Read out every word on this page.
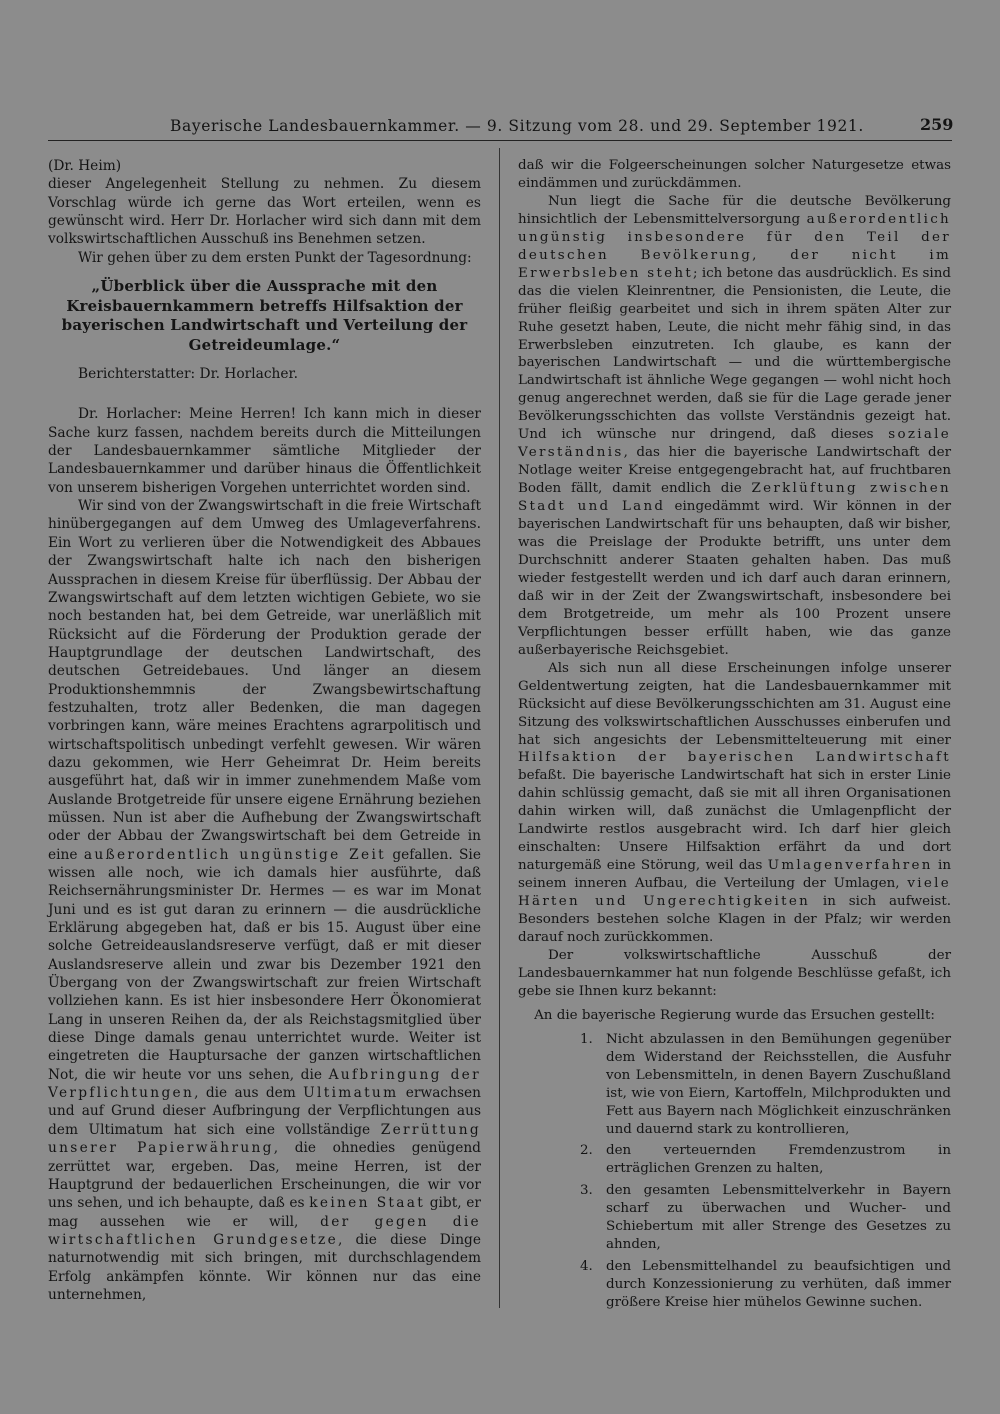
Bayerische Landesbauernkammer. — 9. Sitzung vom 28. und 29. September 1921.	259

(Dr. Heim)

dieser Angelegenheit Stellung zu nehmen. Zu diesem Vorschlag würde ich gerne das Wort erteilen, wenn es gewünscht wird. Herr Dr. Horlacher wird sich dann mit dem volkswirtschaftlichen Ausschuß ins Benehmen setzen.

Wir gehen über zu dem ersten Punkt der Tagesordnung:

„Überblick über die Aussprache mit den Kreisbauernkammern betreffs Hilfsaktion der bayerischen Landwirtschaft und Verteilung der Getreideumlage.“

Berichterstatter: Dr. Horlacher.

Dr. Horlacher: Meine Herren! Ich kann mich in dieser Sache kurz fassen, nachdem bereits durch die Mitteilungen der Landesbauernkammer sämtliche Mitglieder der Landesbauernkammer und darüber hinaus die Öffentlichkeit von unserem bisherigen Vorgehen unterrichtet worden sind.

Wir sind von der Zwangswirtschaft in die freie Wirtschaft hinübergegangen auf dem Umweg des Umlageverfahrens. Ein Wort zu verlieren über die Notwendigkeit des Abbaues der Zwangswirtschaft halte ich nach den bisherigen Aussprachen in diesem Kreise für überflüssig. Der Abbau der Zwangswirtschaft auf dem letzten wichtigen Gebiete, wo sie noch bestanden hat, bei dem Getreide, war unerläßlich mit Rücksicht auf die Förderung der Produktion gerade der Hauptgrundlage der deutschen Landwirtschaft, des deutschen Getreidebaues. Und länger an diesem Produktionshemmnis der Zwangsbewirtschaftung festzuhalten, trotz aller Bedenken, die man dagegen vorbringen kann, wäre meines Erachtens agrarpolitisch und wirtschaftspolitisch unbedingt verfehlt gewesen. Wir wären dazu gekommen, wie Herr Geheimrat Dr. Heim bereits ausgeführt hat, daß wir in immer zunehmendem Maße vom Auslande Brotgetreide für unsere eigene Ernährung beziehen müssen. Nun ist aber die Aufhebung der Zwangswirtschaft oder der Abbau der Zwangswirtschaft bei dem Getreide in eine außerordentlich ungünstige Zeit gefallen. Sie wissen alle noch, wie ich damals hier ausführte, daß Reichsernährungsminister Dr. Hermes — es war im Monat Juni und es ist gut daran zu erinnern — die ausdrückliche Erklärung abgegeben hat, daß er bis 15. August über eine solche Getreideauslandsreserve verfügt, daß er mit dieser Auslandsreserve allein und zwar bis Dezember 1921 den Übergang von der Zwangswirtschaft zur freien Wirtschaft vollziehen kann. Es ist hier insbesondere Herr Ökonomierat Lang in unseren Reihen da, der als Reichstagsmitglied über diese Dinge damals genau unterrichtet wurde. Weiter ist eingetreten die Hauptursache der ganzen wirtschaftlichen Not, die wir heute vor uns sehen, die Aufbringung der Verpflichtungen, die aus dem Ultimatum erwachsen und auf Grund dieser Aufbringung der Verpflichtungen aus dem Ultimatum hat sich eine vollständige Zerrüttung unserer Papierwährung, die ohnedies genügend zerrüttet war, ergeben. Das, meine Herren, ist der Hauptgrund der bedauerlichen Erscheinungen, die wir vor uns sehen, und ich behaupte, daß es keinen Staat gibt, er mag aussehen wie er will, der gegen die wirtschaftlichen Grundgesetze, die diese Dinge naturnotwendig mit sich bringen, mit durchschlagendem Erfolg ankämpfen könnte. Wir können nur das eine unternehmen,

daß wir die Folgeerscheinungen solcher Naturgesetze etwas eindämmen und zurückdämmen.

Nun liegt die Sache für die deutsche Bevölkerung hinsichtlich der Lebensmittelversorgung außerordentlich ungünstig insbesondere für den Teil der deutschen Bevölkerung, der nicht im Erwerbsleben steht; ich betone das ausdrücklich. Es sind das die vielen Kleinrentner, die Pensionisten, die Leute, die früher fleißig gearbeitet und sich in ihrem späten Alter zur Ruhe gesetzt haben, Leute, die nicht mehr fähig sind, in das Erwerbsleben einzutreten. Ich glaube, es kann der bayerischen Landwirtschaft — und die württembergische Landwirtschaft ist ähnliche Wege gegangen — wohl nicht hoch genug angerechnet werden, daß sie für die Lage gerade jener Bevölkerungsschichten das vollste Verständnis gezeigt hat. Und ich wünsche nur dringend, daß dieses soziale Verständnis, das hier die bayerische Landwirtschaft der Notlage weiter Kreise entgegengebracht hat, auf fruchtbaren Boden fällt, damit endlich die Zerklüftung zwischen Stadt und Land eingedämmt wird. Wir können in der bayerischen Landwirtschaft für uns behaupten, daß wir bisher, was die Preislage der Produkte betrifft, uns unter dem Durchschnitt anderer Staaten gehalten haben. Das muß wieder festgestellt werden und ich darf auch daran erinnern, daß wir in der Zeit der Zwangswirtschaft, insbesondere bei dem Brotgetreide, um mehr als 100 Prozent unsere Verpflichtungen besser erfüllt haben, wie das ganze außerbayerische Reichsgebiet.

Als sich nun all diese Erscheinungen infolge unserer Geldentwertung zeigten, hat die Landesbauernkammer mit Rücksicht auf diese Bevölkerungsschichten am 31. August eine Sitzung des volkswirtschaftlichen Ausschusses einberufen und hat sich angesichts der Lebensmittelteuerung mit einer Hilfsaktion der bayerischen Landwirtschaft befaßt. Die bayerische Landwirtschaft hat sich in erster Linie dahin schlüssig gemacht, daß sie mit all ihren Organisationen dahin wirken will, daß zunächst die Umlagenpflicht der Landwirte restlos ausgebracht wird. Ich darf hier gleich einschalten: Unsere Hilfsaktion erfährt da und dort naturgemäß eine Störung, weil das Umlagenverfahren in seinem inneren Aufbau, die Verteilung der Umlagen, viele Härten und Ungerechtigkeiten in sich aufweist. Besonders bestehen solche Klagen in der Pfalz; wir werden darauf noch zurückkommen.

Der volkswirtschaftliche Ausschuß der Landesbauernkammer hat nun folgende Beschlüsse gefaßt, ich gebe sie Ihnen kurz bekannt:

An die bayerische Regierung wurde das Ersuchen gestellt:

1. Nicht abzulassen in den Bemühungen gegenüber dem Widerstand der Reichsstellen, die Ausfuhr von Lebensmitteln, in denen Bayern Zuschußland ist, wie von Eiern, Kartoffeln, Milchprodukten und Fett aus Bayern nach Möglichkeit einzuschränken und dauernd stark zu kontrollieren,
2. den verteuernden Fremdenzustrom in erträglichen Grenzen zu halten,
3. den gesamten Lebensmittelverkehr in Bayern scharf zu überwachen und Wucher- und Schiebertum mit aller Strenge des Gesetzes zu ahnden,
4. den Lebensmittelhandel zu beaufsichtigen und durch Konzessionierung zu verhüten, daß immer größere Kreise hier mühelos Gewinne suchen.
